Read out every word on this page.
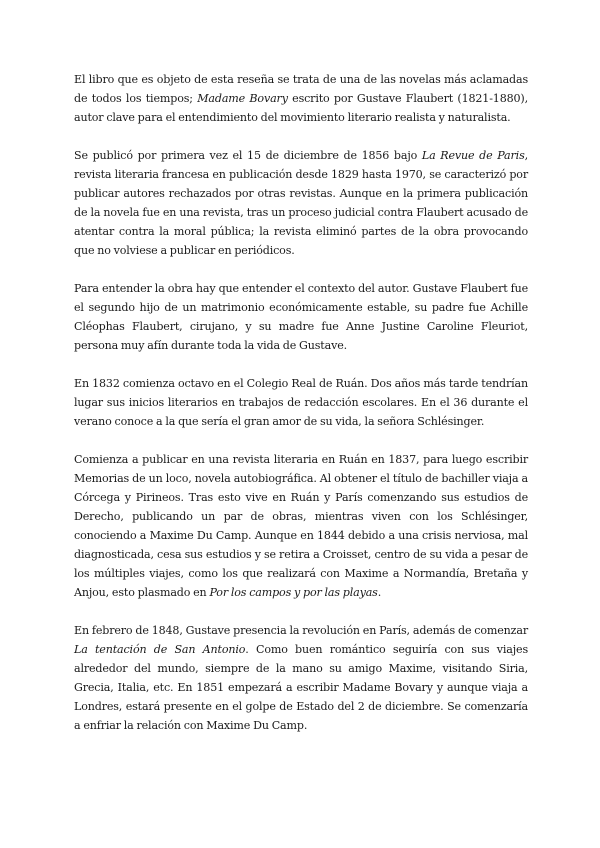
El libro que es objeto de esta reseña se trata de una de las novelas más aclamadas de todos los tiempos; Madame Bovary escrito por Gustave Flaubert (1821-1880), autor clave para el entendimiento del movimiento literario realista y naturalista.

Se publicó por primera vez el 15 de diciembre de 1856 bajo La Revue de Paris, revista literaria francesa en publicación desde 1829 hasta 1970, se caracterizó por publicar autores rechazados por otras revistas. Aunque en la primera publicación de la novela fue en una revista, tras un proceso judicial contra Flaubert acusado de atentar contra la moral pública; la revista eliminó partes de la obra provocando que no volviese a publicar en periódicos.

Para entender la obra hay que entender el contexto del autor. Gustave Flaubert fue el segundo hijo de un matrimonio económicamente estable, su padre fue Achille Cléophas Flaubert, cirujano, y su madre fue Anne Justine Caroline Fleuriot, persona muy afín durante toda la vida de Gustave.

En 1832 comienza octavo en el Colegio Real de Ruán. Dos años más tarde tendrían lugar sus inicios literarios en trabajos de redacción escolares. En el 36 durante el verano conoce a la que sería el gran amor de su vida, la señora Schlésinger.

Comienza a publicar en una revista literaria en Ruán en 1837, para luego escribir Memorias de un loco, novela autobiográfica. Al obtener el título de bachiller viaja a Córcega y Pirineos. Tras esto vive en Ruán y París comenzando sus estudios de Derecho, publicando un par de obras, mientras viven con los Schlésinger, conociendo a Maxime Du Camp. Aunque en 1844 debido a una crisis nerviosa, mal diagnosticada, cesa sus estudios y se retira a Croisset, centro de su vida a pesar de los múltiples viajes, como los que realizará con Maxime a Normandía, Bretaña y Anjou, esto plasmado en Por los campos y por las playas.

En febrero de 1848, Gustave presencia la revolución en París, además de comenzar La tentación de San Antonio. Como buen romántico seguiría con sus viajes alrededor del mundo, siempre de la mano su amigo Maxime, visitando Siria, Grecia, Italia, etc. En 1851 empezará a escribir Madame Bovary y aunque viaja a Londres, estará presente en el golpe de Estado del 2 de diciembre. Se comenzaría a enfriar la relación con Maxime Du Camp.
